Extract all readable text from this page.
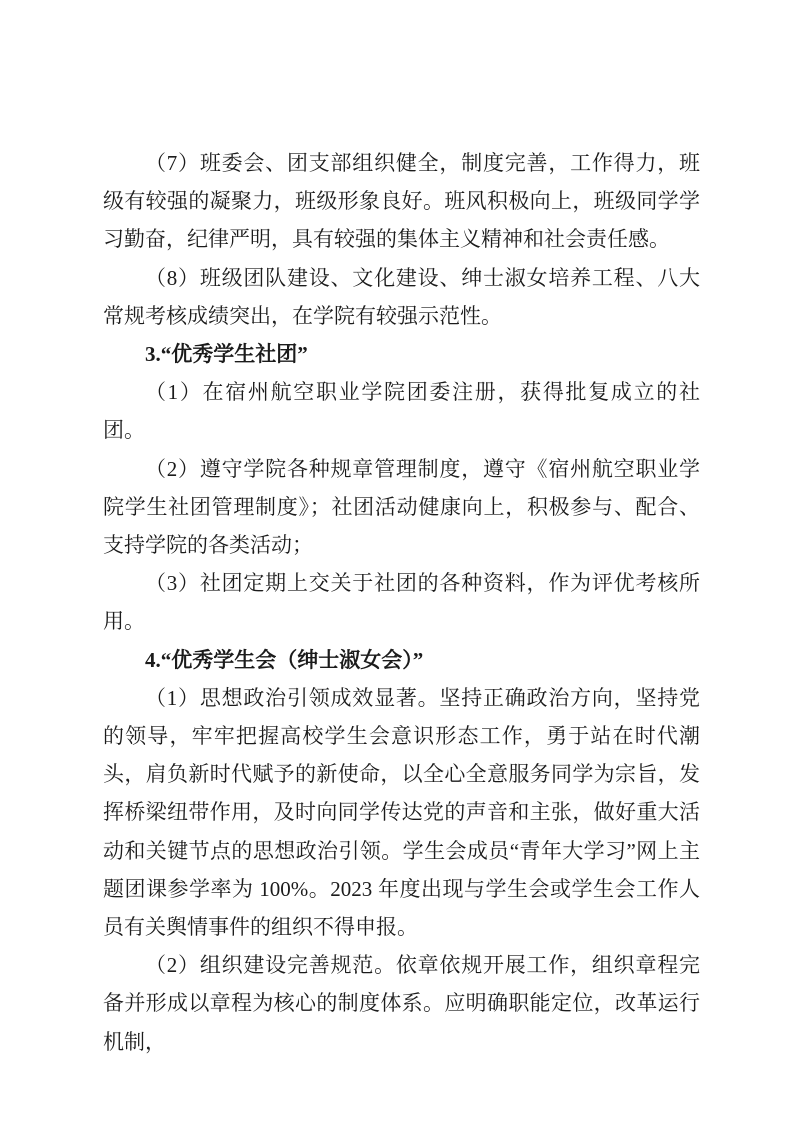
（7）班委会、团支部组织健全，制度完善，工作得力，班级有较强的凝聚力，班级形象良好。班风积极向上，班级同学学习勤奋，纪律严明，具有较强的集体主义精神和社会责任感。

（8）班级团队建设、文化建设、绅士淑女培养工程、八大常规考核成绩突出，在学院有较强示范性。

3.“优秀学生社团”

（1）在宿州航空职业学院团委注册，获得批复成立的社团。

（2）遵守学院各种规章管理制度，遵守《宿州航空职业学院学生社团管理制度》；社团活动健康向上，积极参与、配合、支持学院的各类活动；

（3）社团定期上交关于社团的各种资料，作为评优考核所用。

4.“优秀学生会（绅士淑女会）”

（1）思想政治引领成效显著。坚持正确政治方向，坚持党的领导，牢牢把握高校学生会意识形态工作，勇于站在时代潮头，肩负新时代赋予的新使命，以全心全意服务同学为宗旨，发挥桥梁纽带作用，及时向同学传达党的声音和主张，做好重大活动和关键节点的思想政治引领。学生会成员“青年大学习”网上主题团课参学率为 100%。2023 年度出现与学生会或学生会工作人员有关舆情事件的组织不得申报。

（2）组织建设完善规范。依章依规开展工作，组织章程完备并形成以章程为核心的制度体系。应明确职能定位，改革运行机制，
